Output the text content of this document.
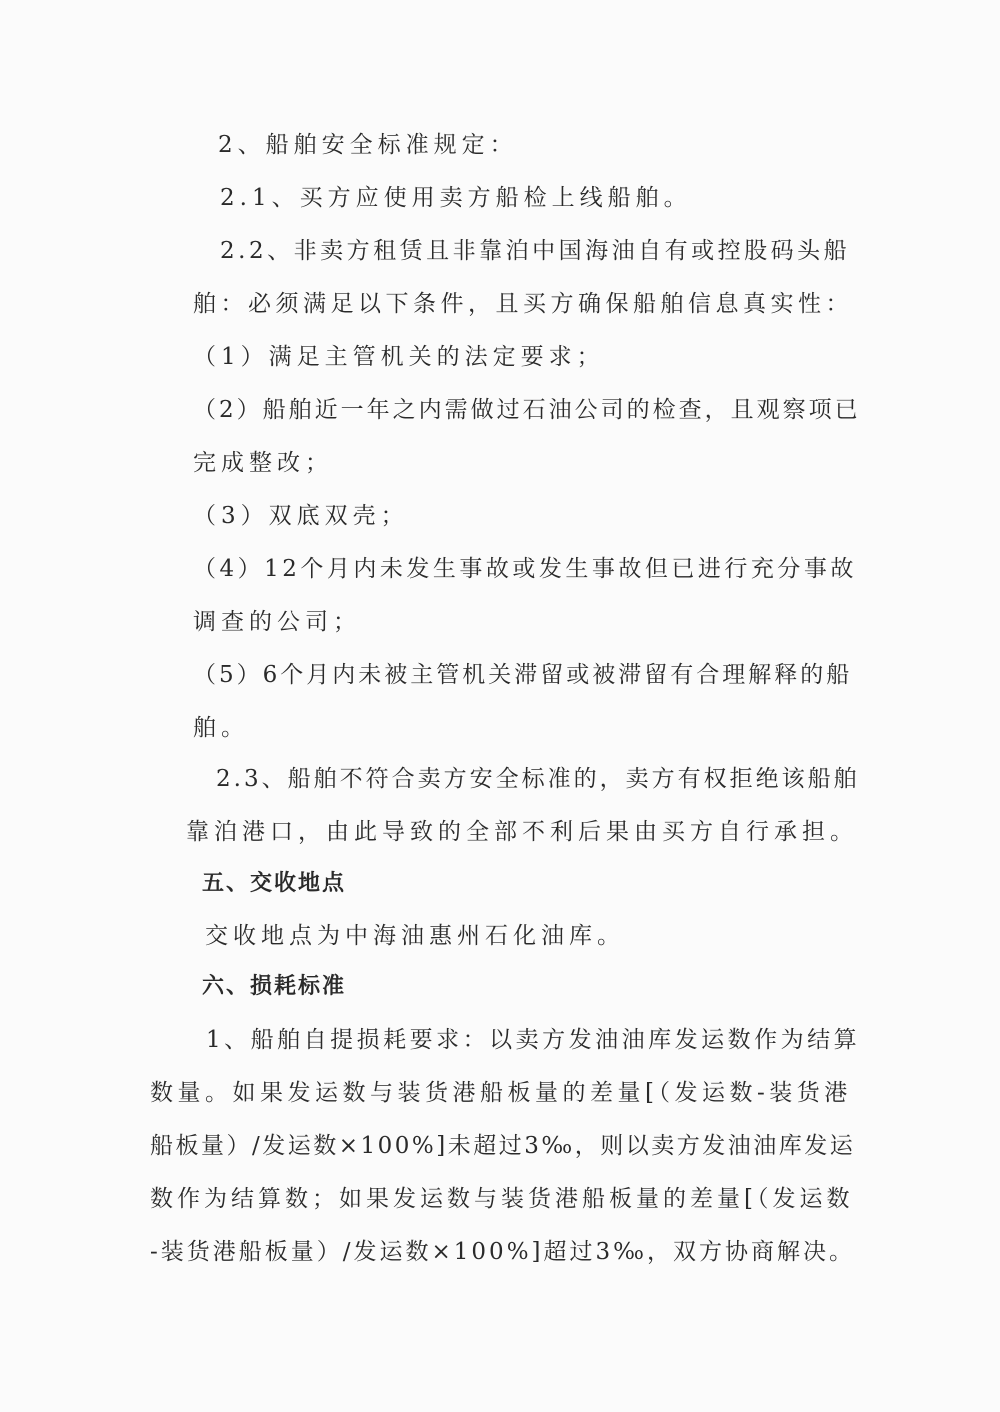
2、船舶安全标准规定：
2.1、买方应使用卖方船检上线船舶。
2.2、非卖方租赁且非靠泊中国海油自有或控股码头船
舶：必须满足以下条件，且买方确保船舶信息真实性：
（1）满足主管机关的法定要求；
（2）船舶近一年之内需做过石油公司的检查，且观察项已
完成整改；
（3）双底双壳；
（4）12个月内未发生事故或发生事故但已进行充分事故
调查的公司；
（5）6个月内未被主管机关滞留或被滞留有合理解释的船
舶。
2.3、船舶不符合卖方安全标准的，卖方有权拒绝该船舶
靠泊港口，由此导致的全部不利后果由买方自行承担。
五、交收地点
交收地点为中海油惠州石化油库。
六、损耗标准
1、船舶自提损耗要求：以卖方发油油库发运数作为结算
数量。如果发运数与装货港船板量的差量[（发运数-装货港
船板量）/发运数×100%]未超过3‰，则以卖方发油油库发运
数作为结算数；如果发运数与装货港船板量的差量[（发运数
-装货港船板量）/发运数×100%]超过3‰，双方协商解决。
